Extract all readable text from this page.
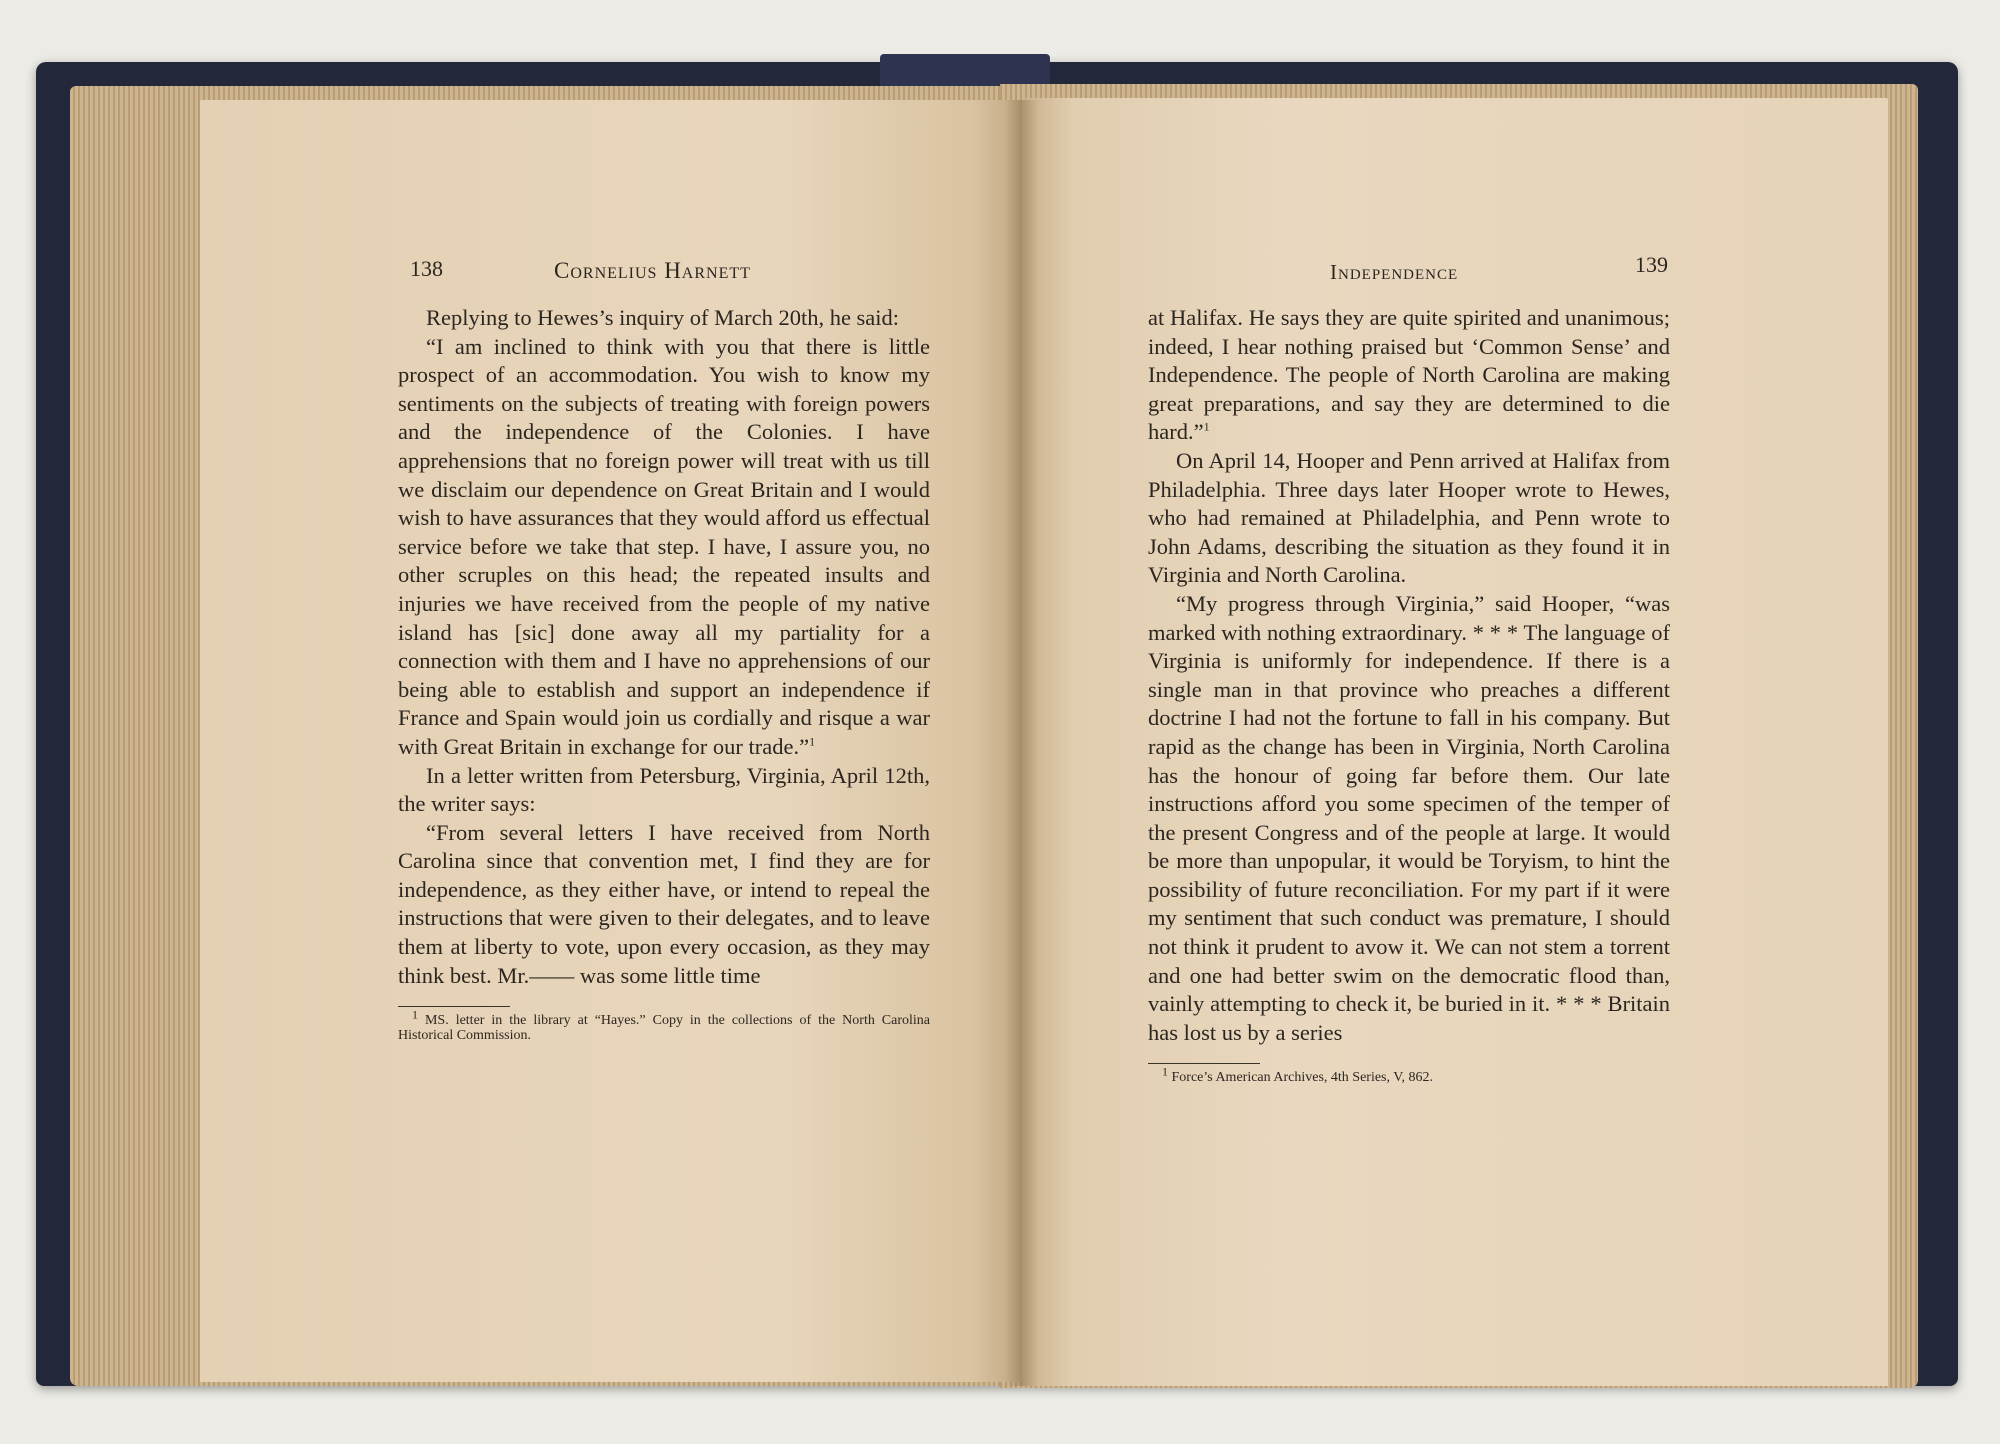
138	Cornelius Harnett

Replying to Hewes’s inquiry of March 20th, he said:

“I am inclined to think with you that there is little prospect of an accommodation. You wish to know my sentiments on the subjects of treating with foreign powers and the independence of the Colonies. I have apprehensions that no foreign power will treat with us till we disclaim our dependence on Great Britain and I would wish to have assurances that they would afford us effectual service before we take that step. I have, I assure you, no other scruples on this head; the repeated insults and injuries we have received from the people of my native island has [sic] done away all my partiality for a connection with them and I have no apprehensions of our being able to establish and support an independence if France and Spain would join us cordially and risque a war with Great Britain in exchange for our trade.”$^1$

In a letter written from Petersburg, Virginia, April 12th, the writer says:

“From several letters I have received from North Carolina since that convention met, I find they are for independence, as they either have, or intend to repeal the instructions that were given to their delegates, and to leave them at liberty to vote, upon every occasion, as they may think best. Mr.—— was some little time

$^1$ MS. letter in the library at “Hayes.” Copy in the collections of the North Carolina Historical Commission.
Independence	139

at Halifax. He says they are quite spirited and unanimous; indeed, I hear nothing praised but ‘Common Sense’ and Independence. The people of North Carolina are making great preparations, and say they are determined to die hard.”$^1$

On April 14, Hooper and Penn arrived at Halifax from Philadelphia. Three days later Hooper wrote to Hewes, who had remained at Philadelphia, and Penn wrote to John Adams, describing the situation as they found it in Virginia and North Carolina.

“My progress through Virginia,” said Hooper, “was marked with nothing extraordinary. * * * The language of Virginia is uniformly for independence. If there is a single man in that province who preaches a different doctrine I had not the fortune to fall in his company. But rapid as the change has been in Virginia, North Carolina has the honour of going far before them. Our late instructions afford you some specimen of the temper of the present Congress and of the people at large. It would be more than unpopular, it would be Toryism, to hint the possibility of future reconciliation. For my part if it were my sentiment that such conduct was premature, I should not think it prudent to avow it. We can not stem a torrent and one had better swim on the democratic flood than, vainly attempting to check it, be buried in it. * * * Britain has lost us by a series

$^1$ Force’s American Archives, 4th Series, V, 862.
